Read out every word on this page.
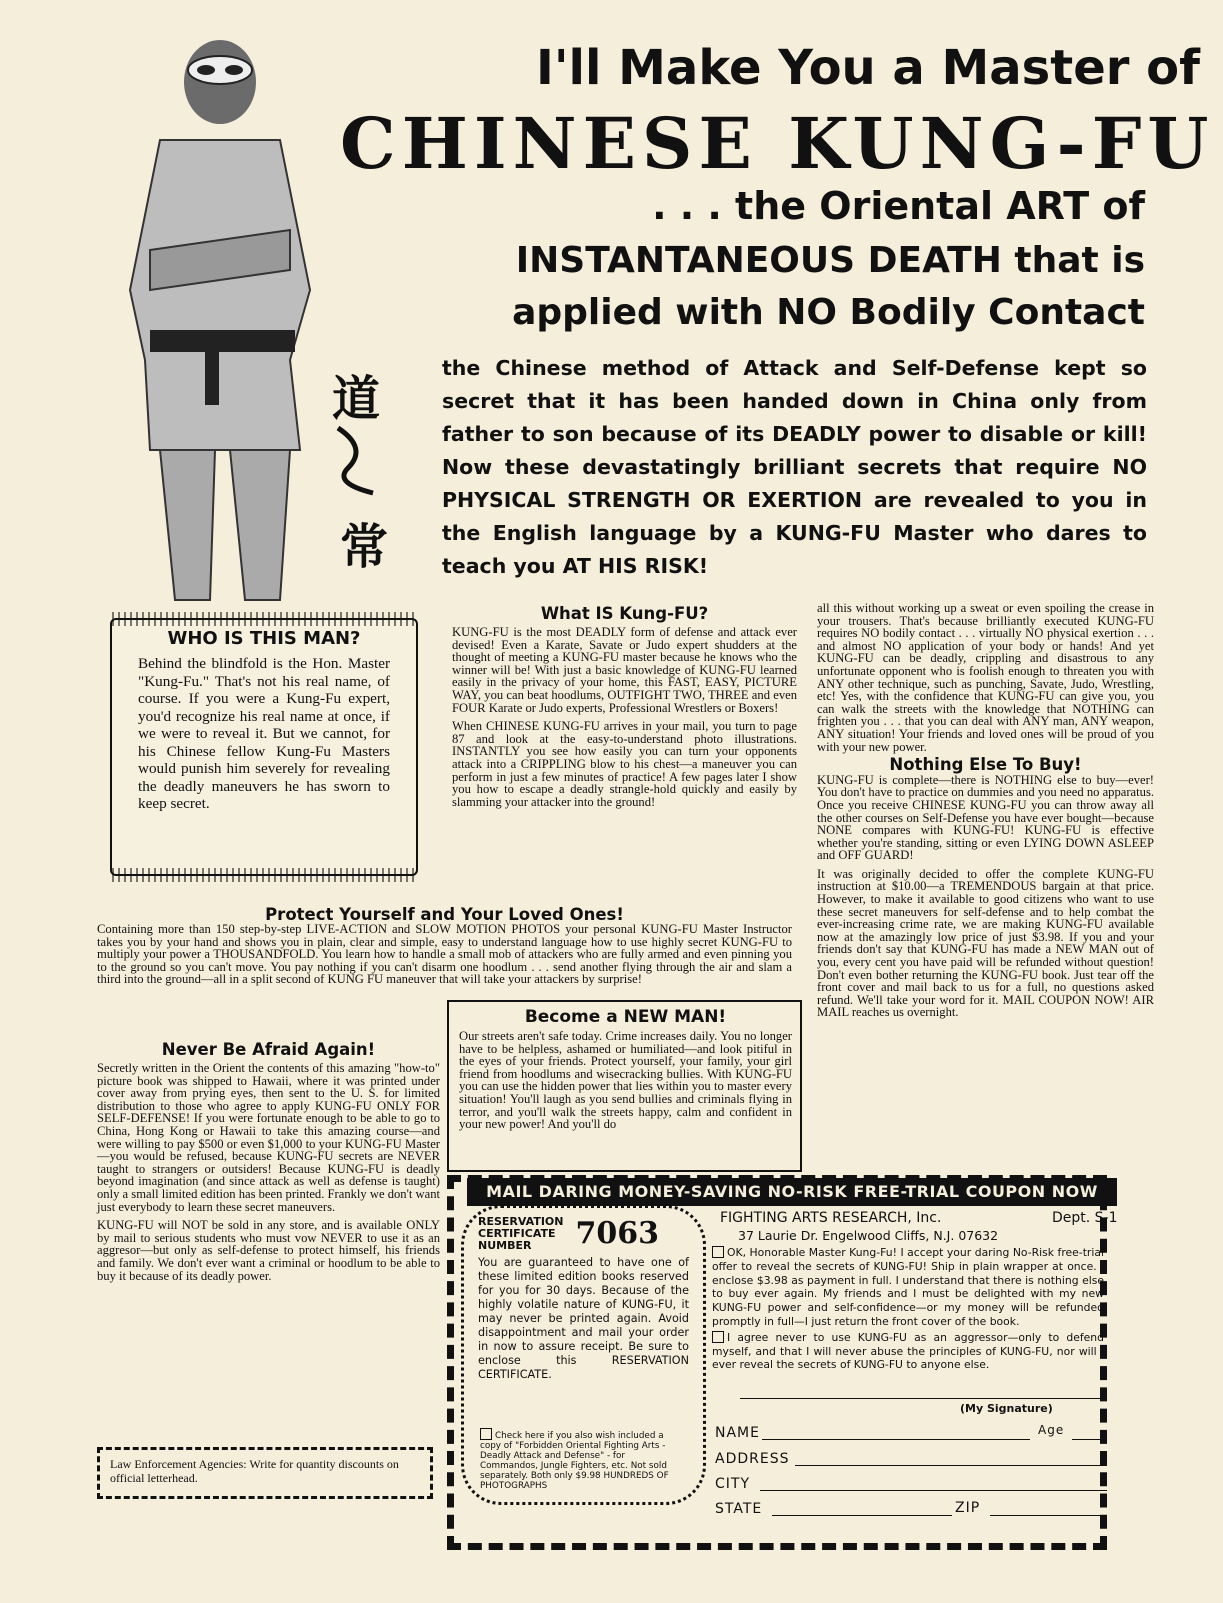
I'll Make You a Master of
CHINESE KUNG-FU
. . . the Oriental ART of
INSTANTANEOUS DEATH that is
applied with NO Bodily Contact
道
常
the Chinese method of Attack and Self-Defense kept so secret that it has been handed down in China only from father to son because of its DEADLY power to disable or kill! Now these devastatingly brilliant secrets that require NO PHYSICAL STRENGTH OR EXERTION are revealed to you in the English language by a KUNG-FU Master who dares to teach you AT HIS RISK!
WHO IS THIS MAN?
Behind the blindfold is the Hon. Master "Kung-Fu." That's not his real name, of course. If you were a Kung-Fu expert, you'd recognize his real name at once, if we were to reveal it. But we cannot, for his Chinese fellow Kung-Fu Masters would punish him severely for revealing the deadly maneuvers he has sworn to keep secret.
What IS Kung-FU?

KUNG-FU is the most DEADLY form of defense and attack ever devised! Even a Karate, Savate or Judo expert shudders at the thought of meeting a KUNG-FU master because he knows who the winner will be! With just a basic knowledge of KUNG-FU learned easily in the privacy of your home, this FAST, EASY, PICTURE WAY, you can beat hoodlums, OUTFIGHT TWO, THREE and even FOUR Karate or Judo experts, Professional Wrestlers or Boxers!

When CHINESE KUNG-FU arrives in your mail, you turn to page 87 and look at the easy-to-understand photo illustrations. INSTANTLY you see how easily you can turn your opponents attack into a CRIPPLING blow to his chest—a maneuver you can perform in just a few minutes of practice! A few pages later I show you how to escape a deadly strangle-hold quickly and easily by slamming your attacker into the ground!

all this without working up a sweat or even spoiling the crease in your trousers. That's because brilliantly executed KUNG-FU requires NO bodily contact . . . virtually NO physical exertion . . . and almost NO application of your body or hands! And yet KUNG-FU can be deadly, crippling and disastrous to any unfortunate opponent who is foolish enough to threaten you with ANY other technique, such as punching, Savate, Judo, Wrestling, etc! Yes, with the confidence that KUNG-FU can give you, you can walk the streets with the knowledge that NOTHING can frighten you . . . that you can deal with ANY man, ANY weapon, ANY situation! Your friends and loved ones will be proud of you with your new power.

Nothing Else To Buy!

KUNG-FU is complete—there is NOTHING else to buy—ever! You don't have to practice on dummies and you need no apparatus. Once you receive CHINESE KUNG-FU you can throw away all the other courses on Self-Defense you have ever bought—because NONE compares with KUNG-FU! KUNG-FU is effective whether you're standing, sitting or even LYING DOWN ASLEEP and OFF GUARD!

It was originally decided to offer the complete KUNG-FU instruction at $10.00—a TREMENDOUS bargain at that price. However, to make it available to good citizens who want to use these secret maneuvers for self-defense and to help combat the ever-increasing crime rate, we are making KUNG-FU available now at the amazingly low price of just $3.98. If you and your friends don't say that KUNG-FU has made a NEW MAN out of you, every cent you have paid will be refunded without question! Don't even bother returning the KUNG-FU book. Just tear off the front cover and mail back to us for a full, no questions asked refund. We'll take your word for it. MAIL COUPON NOW! AIR MAIL reaches us overnight.

Protect Yourself and Your Loved Ones!
Containing more than 150 step-by-step LIVE-ACTION and SLOW MOTION PHOTOS your personal KUNG-FU Master Instructor takes you by your hand and shows you in plain, clear and simple, easy to understand language how to use highly secret KUNG-FU to multiply your power a THOUSANDFOLD. You learn how to handle a small mob of attackers who are fully armed and even pinning you to the ground so you can't move. You pay nothing if you can't disarm one hoodlum . . . send another flying through the air and slam a third into the ground—all in a split second of KUNG FU maneuver that will take your attackers by surprise!
Never Be Afraid Again!

Secretly written in the Orient the contents of this amazing "how-to" picture book was shipped to Hawaii, where it was printed under cover away from prying eyes, then sent to the U. S. for limited distribution to those who agree to apply KUNG-FU ONLY FOR SELF-DEFENSE! If you were fortunate enough to be able to go to China, Hong Kong or Hawaii to take this amazing course—and were willing to pay $500 or even $1,000 to your KUNG-FU Master—you would be refused, because KUNG-FU secrets are NEVER taught to strangers or outsiders! Because KUNG-FU is deadly beyond imagination (and since attack as well as defense is taught) only a small limited edition has been printed. Frankly we don't want just everybody to learn these secret maneuvers.

KUNG-FU will NOT be sold in any store, and is available ONLY by mail to serious students who must vow NEVER to use it as an aggresor—but only as self-defense to protect himself, his friends and family. We don't ever want a criminal or hoodlum to be able to buy it because of its deadly power.

Become a NEW MAN!
Our streets aren't safe today. Crime increases daily. You no longer have to be helpless, ashamed or humiliated—and look pitiful in the eyes of your friends. Protect yourself, your family, your girl friend from hoodlums and wisecracking bullies. With KUNG-FU you can use the hidden power that lies within you to master every situation! You'll laugh as you send bullies and criminals flying in terror, and you'll walk the streets happy, calm and confident in your new power! And you'll do
Law Enforcement Agencies: Write for quantity discounts on official letterhead.
MAIL DARING MONEY-SAVING NO-RISK FREE-TRIAL COUPON NOW
RESERVATION
CERTIFICATE
NUMBER 7063
You are guaranteed to have one of these limited edition books reserved for you for 30 days. Because of the highly volatile nature of KUNG-FU, it may never be printed again. Avoid disappointment and mail your order in now to assure receipt. Be sure to enclose this RESERVATION CERTIFICATE.
Check here if you also wish included a copy of "Forbidden Oriental Fighting Arts - Deadly Attack and Defense" - for Commandos, Jungle Fighters, etc. Not sold separately. Both only $9.98 HUNDREDS OF PHOTOGRAPHS
FIGHTING ARTS RESEARCH, Inc.	Dept. S-1
37 Laurie Dr. Engelwood Cliffs, N.J. 07632

OK, Honorable Master Kung-Fu! I accept your daring No-Risk free-trial offer to reveal the secrets of KUNG-FU! Ship in plain wrapper at once. I enclose $3.98 as payment in full. I understand that there is nothing else to buy ever again. My friends and I must be delighted with my new KUNG-FU power and self-confidence—or my money will be refunded promptly in full—I just return the front cover of the book.

I agree never to use KUNG-FU as an aggressor—only to defend myself, and that I will never abuse the principles of KUNG-FU, nor will I ever reveal the secrets of KUNG-FU to anyone else.

(My Signature)
NAME	Age
ADDRESS
CITY
STATE	ZIP
